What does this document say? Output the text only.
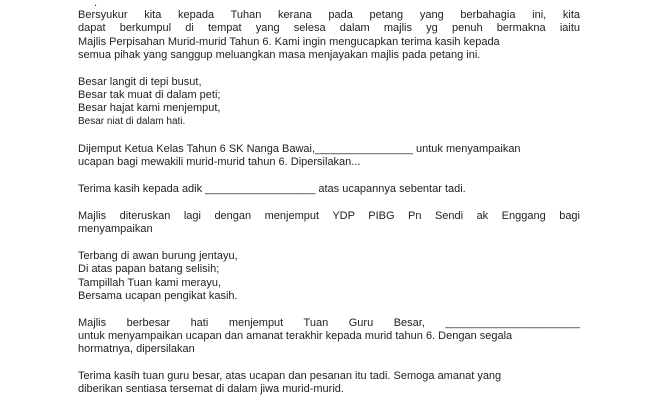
.

Bersyukur kita kepada Tuhan kerana pada petang yang berbahagia ini, kita

dapat berkumpul di tempat yang selesa dalam majlis yg penuh bermakna iaitu

Majlis Perpisahan Murid-murid Tahun 6. Kami ingin mengucapkan terima kasih kepada

semua pihak yang sanggup meluangkan masa menjayakan majlis pada petang ini.

Besar langit di tepi busut,

Besar tak muat di dalam peti;

Besar hajat kami menjemput,

Besar niat di dalam hati.

Dijemput Ketua Kelas Tahun 6 SK Nanga Bawai,________________ untuk menyampaikan

ucapan bagi mewakili murid-murid tahun 6. Dipersilakan...

Terima kasih kepada adik __________________ atas ucapannya sebentar tadi.

Majlis diteruskan lagi dengan menjemput YDP PIBG Pn Sendi ak Enggang bagi

menyampaikan

Terbang di awan burung jentayu,

Di atas papan batang selisih;

Tampillah Tuan kami merayu,

Bersama ucapan pengikat kasih.

Majlis berbesar hati menjemput Tuan Guru Besar, ______________________

untuk menyampaikan ucapan dan amanat terakhir kepada murid tahun 6. Dengan segala

hormatnya, dipersilakan

Terima kasih tuan guru besar, atas ucapan dan pesanan itu tadi. Semoga amanat yang

diberikan sentiasa tersemat di dalam jiwa murid-murid.
